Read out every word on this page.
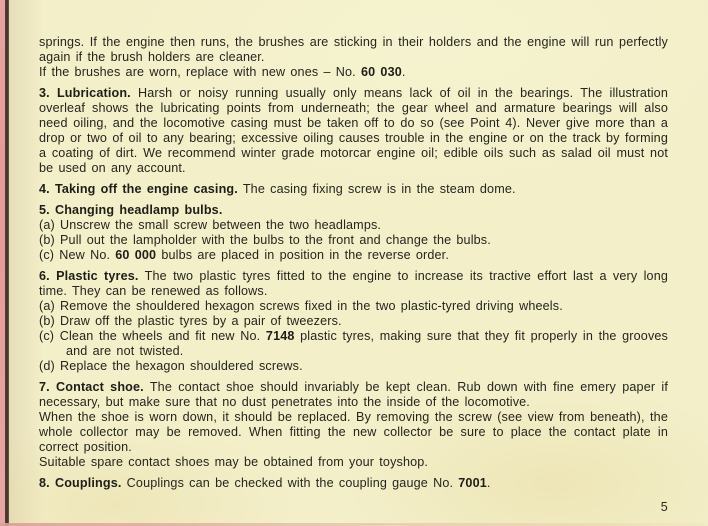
springs. If the engine then runs, the brushes are sticking in their holders and the engine will run perfectly again if the brush holders are cleaner.

If the brushes are worn, replace with new ones – No. 60 030.

3. Lubrication. Harsh or noisy running usually only means lack of oil in the bearings. The illustration overleaf shows the lubricating points from underneath; the gear wheel and armature bearings will also need oiling, and the locomotive casing must be taken off to do so (see Point 4). Never give more than a drop or two of oil to any bearing; excessive oiling causes trouble in the engine or on the track by forming a coating of dirt. We recommend winter grade motorcar engine oil; edible oils such as salad oil must not be used on any account.

4. Taking off the engine casing. The casing fixing screw is in the steam dome.

5. Changing headlamp bulbs.

(a) Unscrew the small screw between the two headlamps.

(b) Pull out the lampholder with the bulbs to the front and change the bulbs.

(c) New No. 60 000 bulbs are placed in position in the reverse order.

6. Plastic tyres. The two plastic tyres fitted to the engine to increase its tractive effort last a very long time. They can be renewed as follows.

(a) Remove the shouldered hexagon screws fixed in the two plastic-tyred driving wheels.

(b) Draw off the plastic tyres by a pair of tweezers.

(c) Clean the wheels and fit new No. 7148 plastic tyres, making sure that they fit properly in the grooves and are not twisted.

(d) Replace the hexagon shouldered screws.

7. Contact shoe. The contact shoe should invariably be kept clean. Rub down with fine emery paper if necessary, but make sure that no dust penetrates into the inside of the locomotive.

When the shoe is worn down, it should be replaced. By removing the screw (see view from beneath), the whole collector may be removed. When fitting the new collector be sure to place the contact plate in correct position.

Suitable spare contact shoes may be obtained from your toyshop.

8. Couplings. Couplings can be checked with the coupling gauge No. 7001.

5
